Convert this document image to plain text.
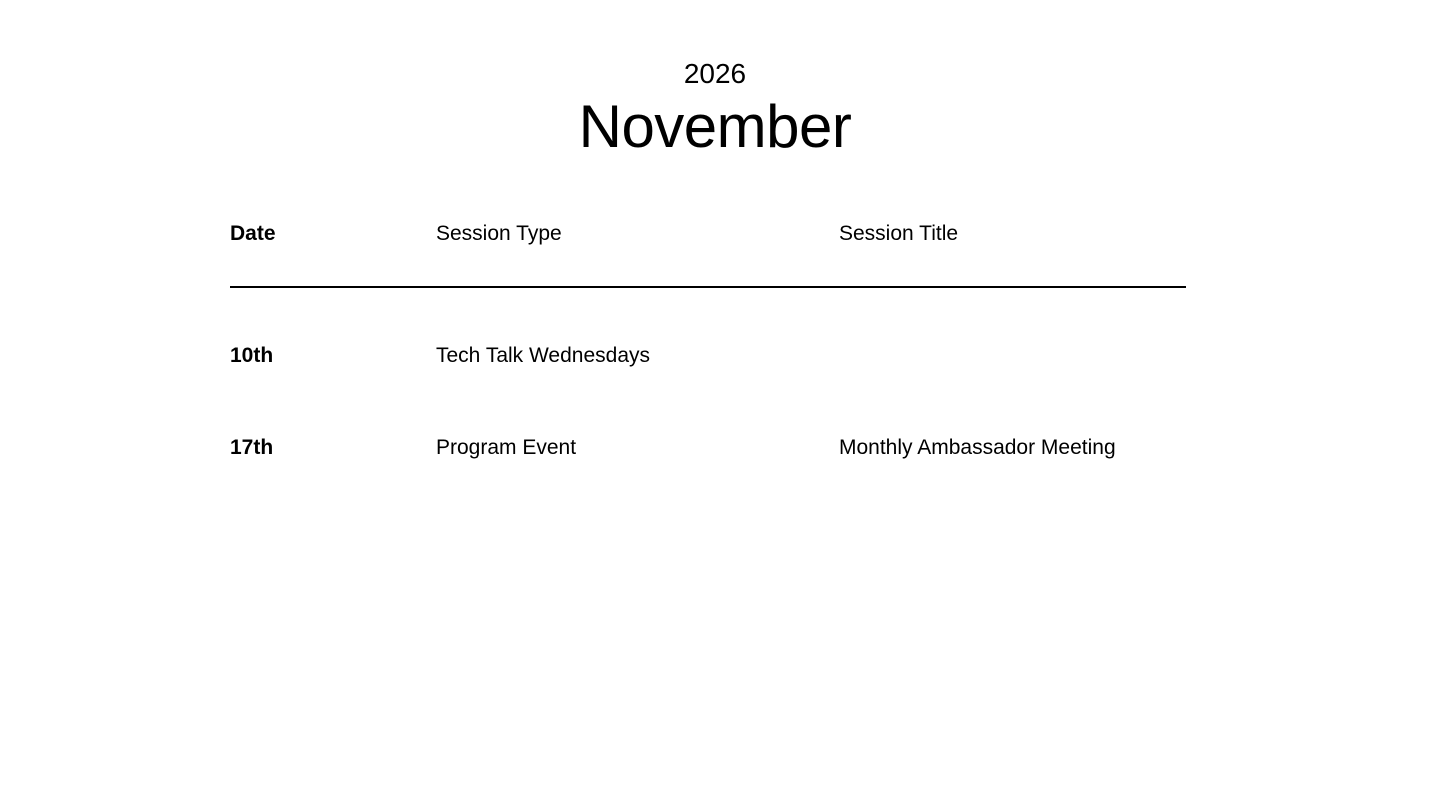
2026
November
Date	Session Type	Session Title
10th	Tech Talk Wednesdays
17th	Program Event	Monthly Ambassador Meeting
